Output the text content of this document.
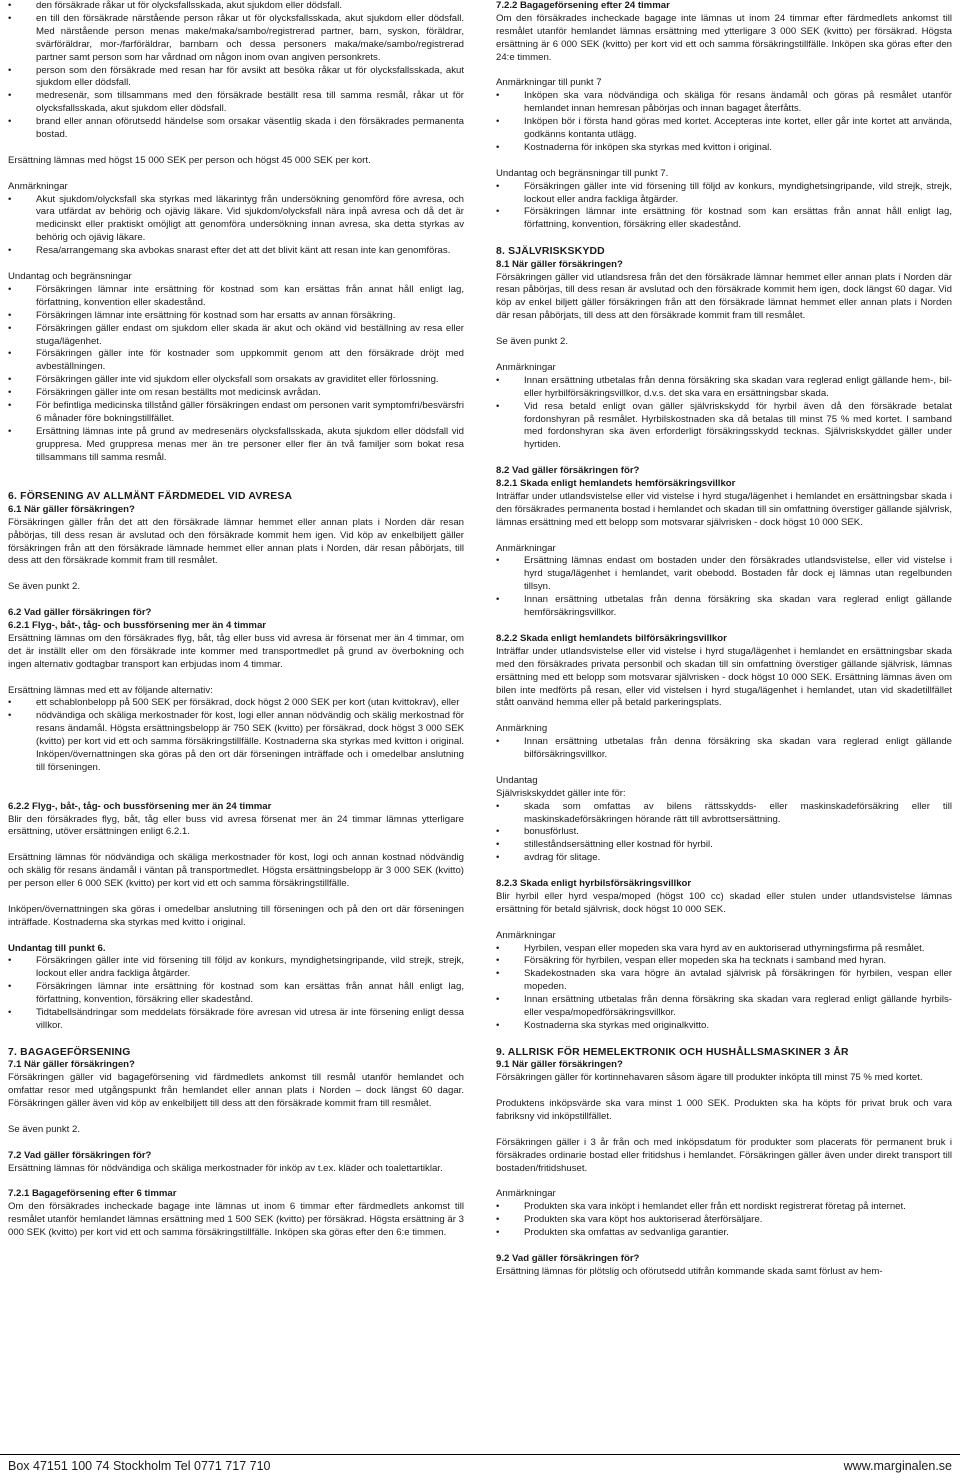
• den försäkrade råkar ut för olycksfallsskada, akut sjukdom eller dödsfall.
• en till den försäkrade närstående person råkar ut för olycksfallsskada, akut sjukdom eller dödsfall. Med närstående person menas make/maka/sambo/registrerad partner, barn, syskon, föräldrar, svärföräldrar, mor-/farföräldrar, barnbarn och dessa personers maka/make/sambo/registrerad partner samt person som har vårdnad om någon inom ovan angiven personkrets.
• person som den försäkrade med resan har för avsikt att besöka råkar ut för olycksfallsskada, akut sjukdom eller dödsfall.
• medresenär, som tillsammans med den försäkrade beställt resa till samma resmål, råkar ut för olycksfallsskada, akut sjukdom eller dödsfall.
• brand eller annan oförutsedd händelse som orsakar väsentlig skada i den försäkrades permanenta bostad.

Ersättning lämnas med högst 15 000 SEK per person och högst 45 000 SEK per kort.

Anmärkningar

• Akut sjukdom/olycksfall ska styrkas med läkarintyg från undersökning genomförd före avresa, och vara utfärdat av behörig och ojävig läkare. Vid sjukdom/olycksfall nära inpå avresa och då det är medicinskt eller praktiskt omöjligt att genomföra undersökning innan avresa, ska detta styrkas av behörig och ojävig läkare.
• Resa/arrangemang ska avbokas snarast efter det att det blivit känt att resan inte kan genomföras.

Undantag och begränsningar

• Försäkringen lämnar inte ersättning för kostnad som kan ersättas från annat håll enligt lag, författning, konvention eller skadestånd.
• Försäkringen lämnar inte ersättning för kostnad som har ersatts av annan försäkring.
• Försäkringen gäller endast om sjukdom eller skada är akut och okänd vid beställning av resa eller stuga/lägenhet.
• Försäkringen gäller inte för kostnader som uppkommit genom att den försäkrade dröjt med avbeställningen.
• Försäkringen gäller inte vid sjukdom eller olycksfall som orsakats av graviditet eller förlossning.
• Försäkringen gäller inte om resan beställts mot medicinsk avrådan.
• För befintliga medicinska tillstånd gäller försäkringen endast om personen varit symptomfri/besvärsfri 6 månader före bokningstillfället.
• Ersättning lämnas inte på grund av medresenärs olycksfallsskada, akuta sjukdom eller dödsfall vid gruppresa. Med gruppresa menas mer än tre personer eller fler än två familjer som bokat resa tillsammans till samma resmål.

6. FÖRSENING AV ALLMÄNT FÄRDMEDEL VID AVRESA

6.1 När gäller försäkringen?

Försäkringen gäller från det att den försäkrade lämnar hemmet eller annan plats i Norden där resan påbörjas, till dess resan är avslutad och den försäkrade kommit hem igen. Vid köp av enkelbiljett gäller försäkringen från att den försäkrade lämnade hemmet eller annan plats i Norden, där resan påbörjats, till dess att den försäkrade kommit fram till resmålet.

Se även punkt 2.

6.2 Vad gäller försäkringen för?

6.2.1 Flyg-, båt-, tåg- och bussförsening mer än 4 timmar

Ersättning lämnas om den försäkrades flyg, båt, tåg eller buss vid avresa är försenat mer än 4 timmar, om det är inställt eller om den försäkrade inte kommer med transportmedlet på grund av överbokning och ingen alternativ godtagbar transport kan erbjudas inom 4 timmar.

Ersättning lämnas med ett av följande alternativ:

• ett schablonbelopp på 500 SEK per försäkrad, dock högst 2 000 SEK per kort (utan kvittokrav), eller
• nödvändiga och skäliga merkostnader för kost, logi eller annan nödvändig och skälig merkostnad för resans ändamål. Högsta ersättningsbelopp är 750 SEK (kvitto) per försäkrad, dock högst 3 000 SEK (kvitto) per kort vid ett och samma försäkringstillfälle. Kostnaderna ska styrkas med kvitton i original. Inköpen/övernattningen ska göras på den ort där förseningen inträffade och i omedelbar anslutning till förseningen.

6.2.2 Flyg-, båt-, tåg- och bussförsening mer än 24 timmar

Blir den försäkrades flyg, båt, tåg eller buss vid avresa försenat mer än 24 timmar lämnas ytterligare ersättning, utöver ersättningen enligt 6.2.1.

Ersättning lämnas för nödvändiga och skäliga merkostnader för kost, logi och annan kostnad nödvändig och skälig för resans ändamål i väntan på transportmedlet. Högsta ersättningsbelopp är 3 000 SEK (kvitto) per person eller 6 000 SEK (kvitto) per kort vid ett och samma försäkringstillfälle.

Inköpen/övernattningen ska göras i omedelbar anslutning till förseningen och på den ort där förseningen inträffade. Kostnaderna ska styrkas med kvitto i original.

Undantag till punkt 6.

• Försäkringen gäller inte vid försening till följd av konkurs, myndighetsingripande, vild strejk, strejk, lockout eller andra fackliga åtgärder.
• Försäkringen lämnar inte ersättning för kostnad som kan ersättas från annat håll enligt lag, författning, konvention, försäkring eller skadestånd.
• Tidtabellsändringar som meddelats försäkrade före avresan vid utresa är inte försening enligt dessa villkor.

7. BAGAGEFÖRSENING

7.1 När gäller försäkringen?

Försäkringen gäller vid bagageförsening vid färdmedlets ankomst till resmål utanför hemlandet och omfattar resor med utgångspunkt från hemlandet eller annan plats i Norden – dock längst 60 dagar. Försäkringen gäller även vid köp av enkelbiljett till dess att den försäkrade kommit fram till resmålet.

Se även punkt 2.

7.2 Vad gäller försäkringen för?

Ersättning lämnas för nödvändiga och skäliga merkostnader för inköp av t.ex. kläder och toalettartiklar.

7.2.1 Bagageförsening efter 6 timmar

Om den försäkrades incheckade bagage inte lämnas ut inom 6 timmar efter färdmedlets ankomst till resmålet utanför hemlandet lämnas ersättning med 1 500 SEK (kvitto) per försäkrad. Högsta ersättning är 3 000 SEK (kvitto) per kort vid ett och samma försäkringstillfälle. Inköpen ska göras efter den 6:e timmen.

7.2.2 Bagageförsening efter 24 timmar

Om den försäkrades incheckade bagage inte lämnas ut inom 24 timmar efter färdmedlets ankomst till resmålet utanför hemlandet lämnas ersättning med ytterligare 3 000 SEK (kvitto) per försäkrad. Högsta ersättning är 6 000 SEK (kvitto) per kort vid ett och samma försäkringstillfälle. Inköpen ska göras efter den 24:e timmen.

Anmärkningar till punkt 7

• Inköpen ska vara nödvändiga och skäliga för resans ändamål och göras på resmålet utanför hemlandet innan hemresan påbörjas och innan bagaget återfåtts.
• Inköpen bör i första hand göras med kortet. Accepteras inte kortet, eller går inte kortet att använda, godkänns kontanta utlägg.
• Kostnaderna för inköpen ska styrkas med kvitton i original.

Undantag och begränsningar till punkt 7.

• Försäkringen gäller inte vid försening till följd av konkurs, myndighetsingripande, vild strejk, strejk, lockout eller andra fackliga åtgärder.
• Försäkringen lämnar inte ersättning för kostnad som kan ersättas från annat håll enligt lag, författning, konvention, försäkring eller skadestånd.

8. SJÄLVRISKSKYDD

8.1 När gäller försäkringen?

Försäkringen gäller vid utlandsresa från det den försäkrade lämnar hemmet eller annan plats i Norden där resan påbörjas, till dess resan är avslutad och den försäkrade kommit hem igen, dock längst 60 dagar. Vid köp av enkel biljett gäller försäkringen från att den försäkrade lämnat hemmet eller annan plats i Norden där resan påbörjats, till dess att den försäkrade kommit fram till resmålet.

Se även punkt 2.

Anmärkningar

• Innan ersättning utbetalas från denna försäkring ska skadan vara reglerad enligt gällande hem-, bil- eller hyrbilförsäkringsvillkor, d.v.s. det ska vara en ersättningsbar skada.
• Vid resa betald enligt ovan gäller självriskskydd för hyrbil även då den försäkrade betalat fordonshyran på resmålet. Hyrbilskostnaden ska då betalas till minst 75 % med kortet. I samband med fordonshyran ska även erforderligt försäkringsskydd tecknas. Självriskskyddet gäller under hyrtiden.

8.2 Vad gäller försäkringen för?

8.2.1 Skada enligt hemlandets hemförsäkringsvillkor

Inträffar under utlandsvistelse eller vid vistelse i hyrd stuga/lägenhet i hemlandet en ersättningsbar skada i den försäkrades permanenta bostad i hemlandet och skadan till sin omfattning överstiger gällande självrisk, lämnas ersättning med ett belopp som motsvarar självrisken - dock högst 10 000 SEK.

Anmärkningar

• Ersättning lämnas endast om bostaden under den försäkrades utlandsvistelse, eller vid vistelse i hyrd stuga/lägenhet i hemlandet, varit obebodd. Bostaden får dock ej lämnas utan regelbunden tillsyn.
• Innan ersättning utbetalas från denna försäkring ska skadan vara reglerad enligt gällande hemförsäkringsvillkor.

8.2.2 Skada enligt hemlandets bilförsäkringsvillkor

Inträffar under utlandsvistelse eller vid vistelse i hyrd stuga/lägenhet i hemlandet en ersättningsbar skada med den försäkrades privata personbil och skadan till sin omfattning överstiger gällande självrisk, lämnas ersättning med ett belopp som motsvarar självrisken - dock högst 10 000 SEK. Ersättning lämnas även om bilen inte medförts på resan, eller vid vistelsen i hyrd stuga/lägenhet i hemlandet, utan vid skadetillfället stått oanvänd hemma eller på betald parkeringsplats.

Anmärkning

• Innan ersättning utbetalas från denna försäkring ska skadan vara reglerad enligt gällande bilförsäkringsvillkor.

Undantag

Självriskskyddet gäller inte för:

• skada som omfattas av bilens rättsskydds- eller maskinskadeförsäkring eller till maskinskadeförsäkringen hörande rätt till avbrottsersättning.
• bonusförlust.
• stilleståndsersättning eller kostnad för hyrbil.
• avdrag för slitage.

8.2.3 Skada enligt hyrbilsförsäkringsvillkor

Blir hyrbil eller hyrd vespa/moped (högst 100 cc) skadad eller stulen under utlandsvistelse lämnas ersättning för betald självrisk, dock högst 10 000 SEK.

Anmärkningar

• Hyrbilen, vespan eller mopeden ska vara hyrd av en auktoriserad uthyrningsfirma på resmålet.
• Försäkring för hyrbilen, vespan eller mopeden ska ha tecknats i samband med hyran.
• Skadekostnaden ska vara högre än avtalad självrisk på försäkringen för hyrbilen, vespan eller mopeden.
• Innan ersättning utbetalas från denna försäkring ska skadan vara reglerad enligt gällande hyrbils-eller vespa/mopedförsäkringsvillkor.
• Kostnaderna ska styrkas med originalkvitto.

9. ALLRISK FÖR HEMELEKTRONIK OCH HUSHÅLLSMASKINER 3 ÅR

9.1 När gäller försäkringen?

Försäkringen gäller för kortinnehavaren såsom ägare till produkter inköpta till minst 75 % med kortet.

Produktens inköpsvärde ska vara minst 1 000 SEK. Produkten ska ha köpts för privat bruk och vara fabriksny vid inköpstillfället.

Försäkringen gäller i 3 år från och med inköpsdatum för produkter som placerats för permanent bruk i försäkrades ordinarie bostad eller fritidshus i hemlandet. Försäkringen gäller även under direkt transport till bostaden/fritidshuset.

Anmärkningar

• Produkten ska vara inköpt i hemlandet eller från ett nordiskt registrerat företag på internet.
• Produkten ska vara köpt hos auktoriserad återförsäljare.
• Produkten ska omfattas av sedvanliga garantier.

9.2 Vad gäller försäkringen för?

Ersättning lämnas för plötslig och oförutsedd utifrån kommande skada samt förlust av hem-

Box 47151 100 74 Stockholm Tel 0771 717 710	www.marginalen.se
